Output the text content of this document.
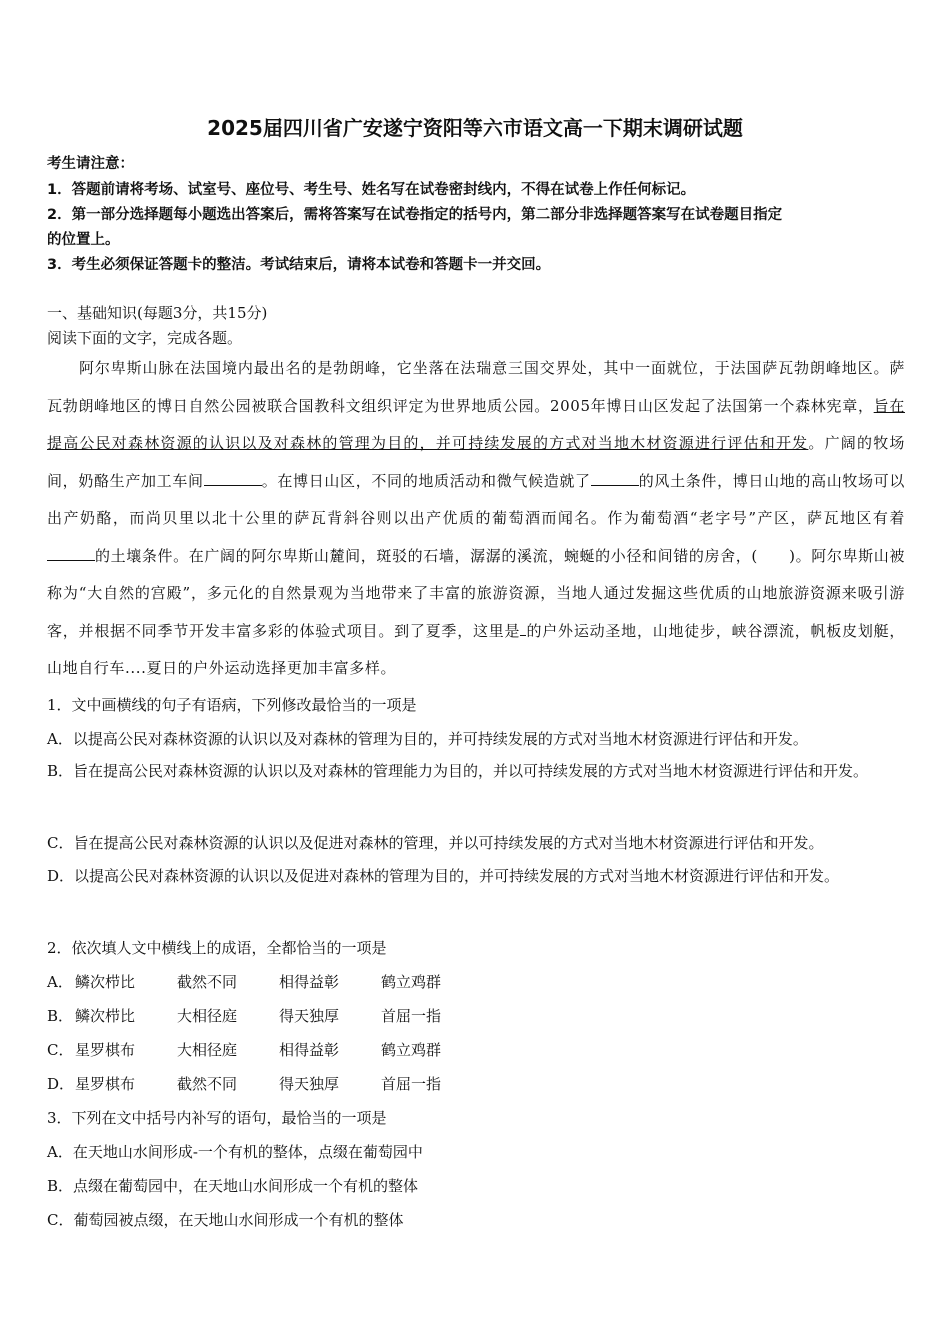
2025届四川省广安遂宁资阳等六市语文高一下期末调研试题
考生请注意：
1．答题前请将考场、试室号、座位号、考生号、姓名写在试卷密封线内，不得在试卷上作任何标记。
2．第一部分选择题每小题选出答案后，需将答案写在试卷指定的括号内，第二部分非选择题答案写在试卷题目指定
的位置上。
3．考生必须保证答题卡的整洁。考试结束后，请将本试卷和答题卡一并交回。
一、基础知识(每题3分，共15分)
阅读下面的文字，完成各题。
阿尔卑斯山脉在法国境内最出名的是勃朗峰，它坐落在法瑞意三国交界处，其中一面就位，于法国萨瓦勃朗峰地区。萨瓦勃朗峰地区的博日自然公园被联合国教科文组织评定为世界地质公园。2005年博日山区发起了法国第一个森林宪章，旨在提高公民对森林资源的认识以及对森林的管理为目的，并可持续发展的方式对当地木材资源进行评估和开发。广阔的牧场间，奶酪生产加工车间	。在博日山区，不同的地质活动和微气候造就了	的风土条件，博日山地的高山牧场可以出产奶酪，而尚贝里以北十公里的萨瓦背斜谷则以出产优质的葡萄酒而闻名。作为葡萄酒“老字号”产区，萨瓦地区有着的土壤条件。在广阔的阿尔卑斯山麓间，斑驳的石墙，潺潺的溪流，蜿蜒的小径和间错的房舍，(　　)。阿尔卑斯山被称为“大自然的宫殿”，多元化的自然景观为当地带来了丰富的旅游资源，当地人通过发掘这些优质的山地旅游资源来吸引游客，并根据不同季节开发丰富多彩的体验式项目。到了夏季，这里是 的户外运动圣地，山地徒步，峡谷漂流，帆板皮划艇，山地自行车....夏日的户外运动选择更加丰富多样。
1．文中画横线的句子有语病，下列修改最恰当的一项是
A．以提高公民对森林资源的认识以及对森林的管理为目的，并可持续发展的方式对当地木材资源进行评估和开发。
B．旨在提高公民对森林资源的认识以及对森林的管理能力为目的，并以可持续发展的方式对当地木材资源进行评估和开发。
C．旨在提高公民对森林资源的认识以及促进对森林的管理，并以可持续发展的方式对当地木材资源进行评估和开发。
D．以提高公民对森林资源的认识以及促进对森林的管理为目的，并可持续发展的方式对当地木材资源进行评估和开发。
2．依次填人文中横线上的成语，全都恰当的一项是
A． 鳞次栉比	截然不同	相得益彰	鹤立鸡群
B． 鳞次栉比	大相径庭	得天独厚	首屈一指
C． 星罗棋布	大相径庭	相得益彰	鹤立鸡群
D．星罗棋布	截然不同	得天独厚	首屈一指
3．下列在文中括号内补写的语句，最恰当的一项是
A．在天地山水间形成-一个有机的整体，点缀在葡萄园中
B．点缀在葡萄园中，在天地山水间形成一个有机的整体
C．葡萄园被点缀，在天地山水间形成一个有机的整体
